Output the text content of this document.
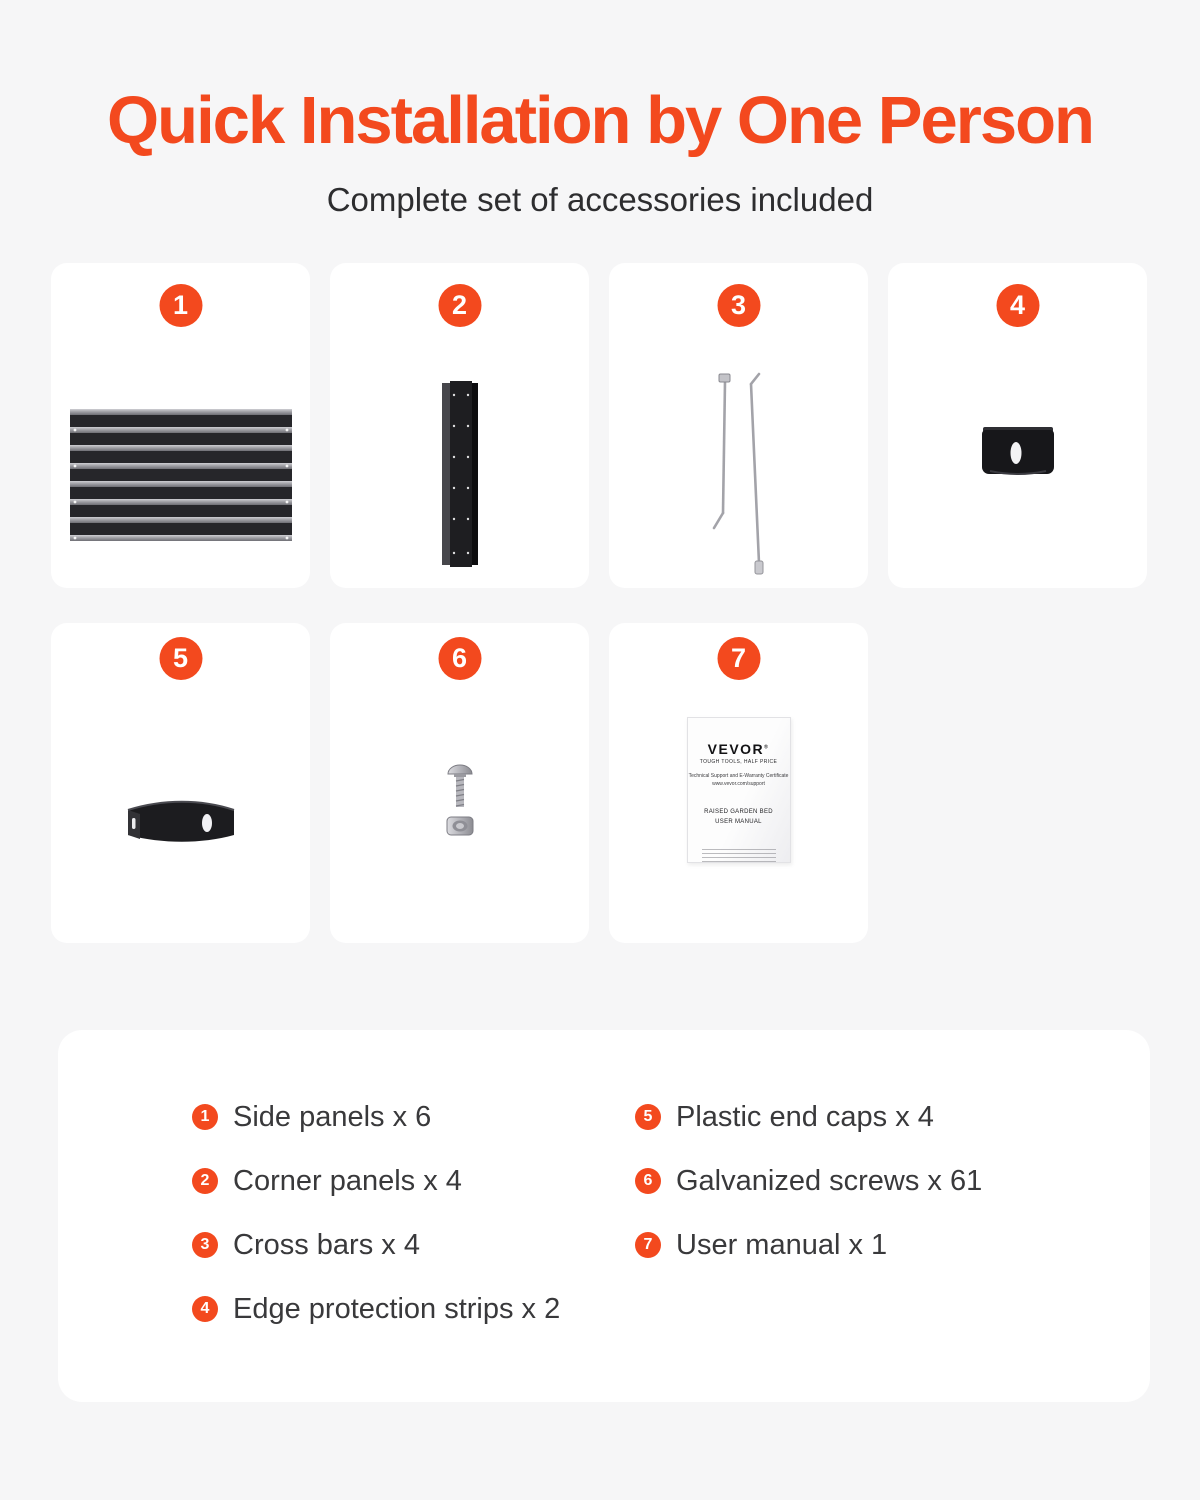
Quick Installation by One Person
Complete set of accessories included
1	2	3	4
5	6	7
VEVOR®
TOUGH TOOLS, HALF PRICE
Technical Support and E-Warranty Certificate
www.vevor.com/support
RAISED GARDEN BED
USER MANUAL
1 Side panels x 6
2 Corner panels x 4
3 Cross bars x 4
4 Edge protection strips x 2
5 Plastic end caps x 4
6 Galvanized screws x 61
7 User manual x 1
